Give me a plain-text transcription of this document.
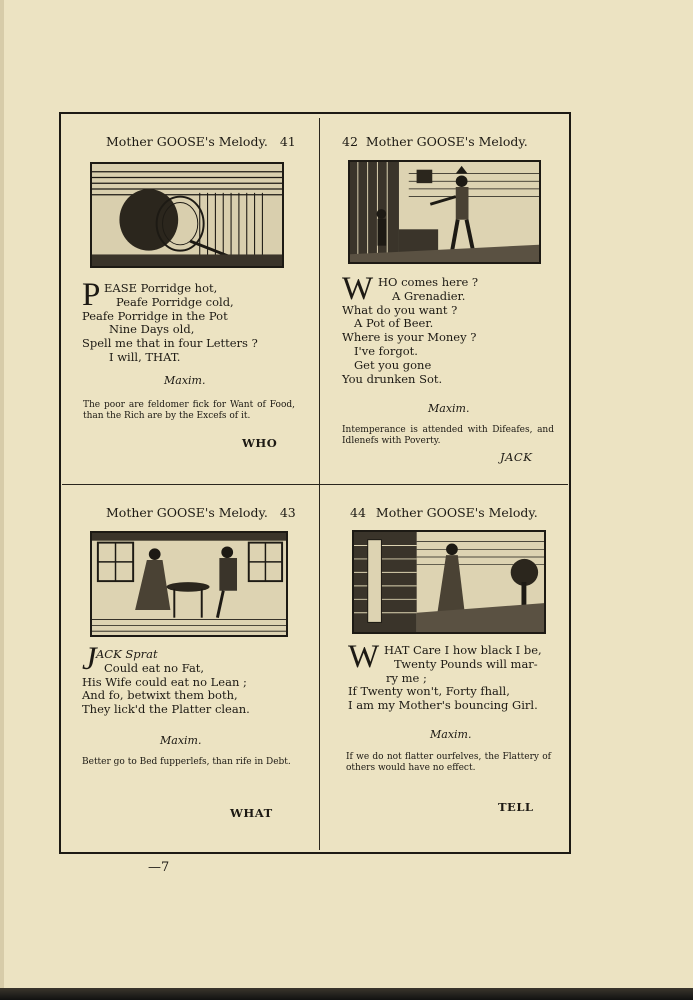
Mother GOOSE's Melody. 41
P EASE Porridge hot,
Peafe Porridge cold,
Peafe Porridge in the Pot
Nine Days old,
Spell me that in four Letters ?
I will, THAT.
Maxim.
The poor are feldomer fick for Want of Food, than the Rich are by the Excefs of it.
WHO
42 Mother GOOSE's Melody.
W HO comes here ?
A Grenadier.
What do you want ?
A Pot of Beer.
Where is your Money ?
I've forgot.
Get you gone
You drunken Sot.
Maxim.
Intemperance is attended with Difeafes, and Idlenefs with Poverty.
JACK
Mother GOOSE's Melody. 43
J ACK Sprat
Could eat no Fat,
His Wife could eat no Lean ;
And fo, betwixt them both,
They lick'd the Platter clean.
Maxim.
Better go to Bed fupperlefs, than rife in Debt.
WHAT
44 Mother GOOSE's Melody.
W HAT Care I how black I be,
Twenty Pounds will mar-
ry me ;
If Twenty won't, Forty fhall,
I am my Mother's bouncing Girl.
Maxim.
If we do not flatter ourfelves, the Flattery of others would have no effect.
TELL
—7
